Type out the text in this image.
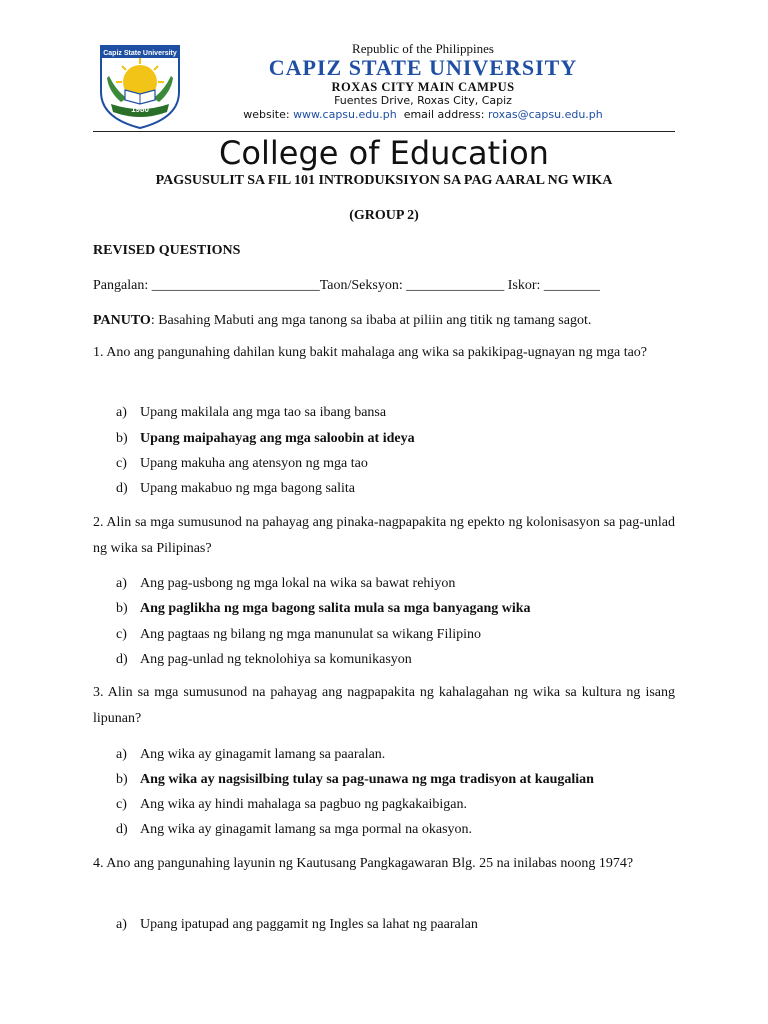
Capiz State University
1980
Republic of the Philippines
CAPIZ STATE UNIVERSITY
ROXAS CITY MAIN CAMPUS
Fuentes Drive, Roxas City, Capiz
website: www.capsu.edu.ph email address: roxas@capsu.edu.ph
College of Education
PAGSUSULIT SA FIL 101 INTRODUKSIYON SA PAG AARAL NG WIKA
(GROUP 2)
REVISED QUESTIONS
Pangalan: ________________________Taon/Seksyon: ______________ Iskor: ________
PANUTO: Basahing Mabuti ang mga tanong sa ibaba at piliin ang titik ng tamang sagot.
1. Ano ang pangunahing dahilan kung bakit mahalaga ang wika sa pakikipag-ugnayan ng mga tao?
a) Upang makilala ang mga tao sa ibang bansa
b) Upang maipahayag ang mga saloobin at ideya
c) Upang makuha ang atensyon ng mga tao
d) Upang makabuo ng mga bagong salita
2. Alin sa mga sumusunod na pahayag ang pinaka-nagpapakita ng epekto ng kolonisasyon sa pag-unlad ng wika sa Pilipinas?
a) Ang pag-usbong ng mga lokal na wika sa bawat rehiyon
b) Ang paglikha ng mga bagong salita mula sa mga banyagang wika
c) Ang pagtaas ng bilang ng mga manunulat sa wikang Filipino
d) Ang pag-unlad ng teknolohiya sa komunikasyon
3. Alin sa mga sumusunod na pahayag ang nagpapakita ng kahalagahan ng wika sa kultura ng isang lipunan?
a) Ang wika ay ginagamit lamang sa paaralan.
b) Ang wika ay nagsisilbing tulay sa pag-unawa ng mga tradisyon at kaugalian
c) Ang wika ay hindi mahalaga sa pagbuo ng pagkakaibigan.
d) Ang wika ay ginagamit lamang sa mga pormal na okasyon.
4. Ano ang pangunahing layunin ng Kautusang Pangkagawaran Blg. 25 na inilabas noong 1974?
a) Upang ipatupad ang paggamit ng Ingles sa lahat ng paaralan
